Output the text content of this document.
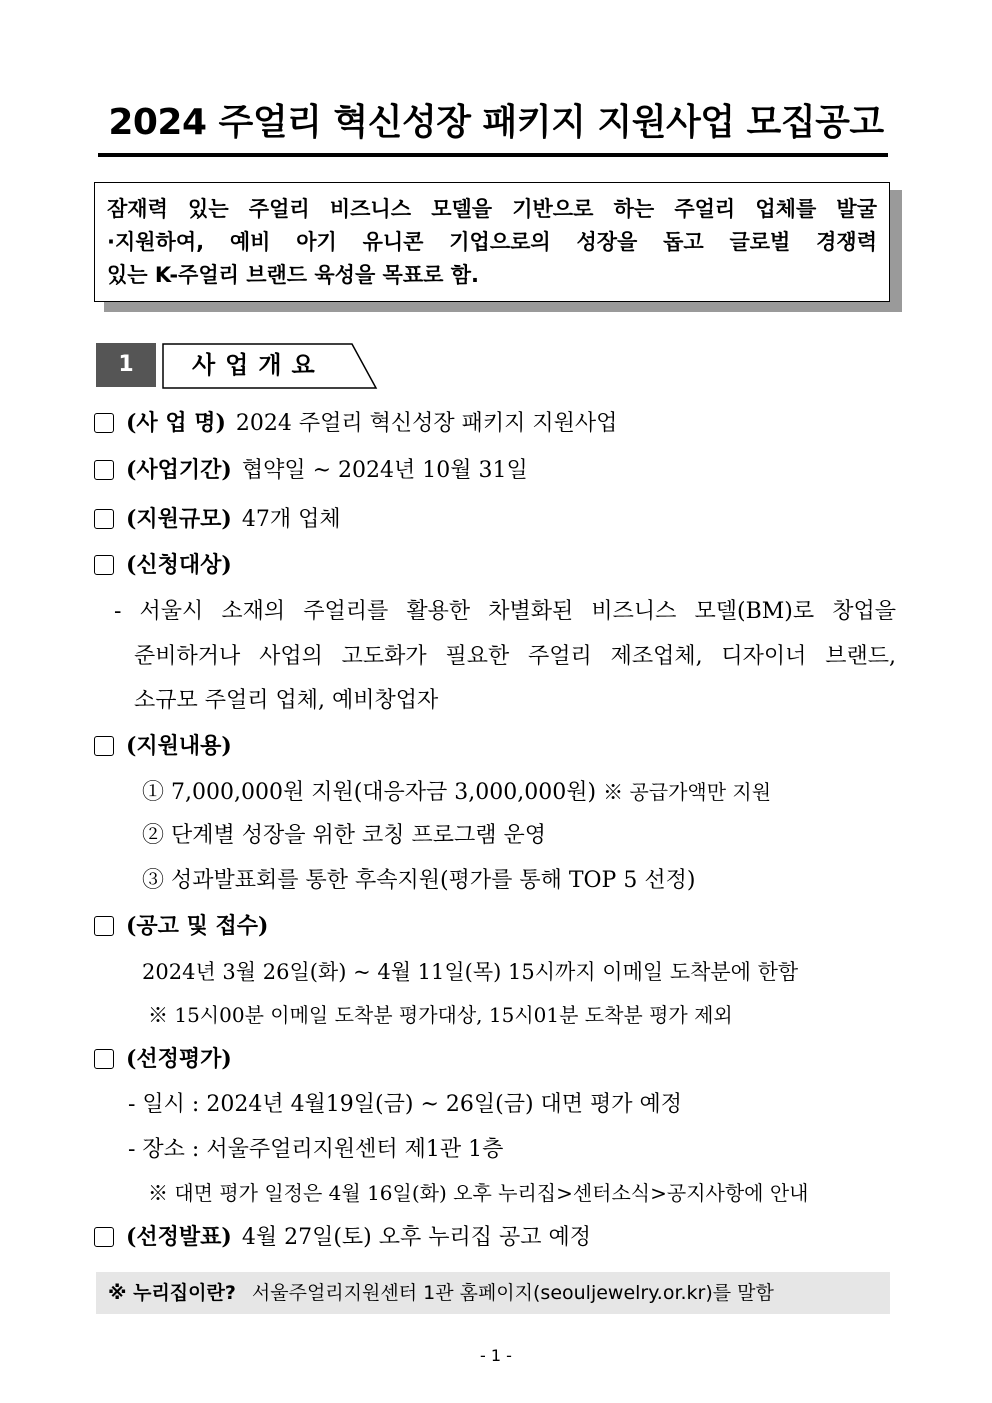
2024 주얼리 혁신성장 패키지 지원사업 모집공고
잠재력 있는 주얼리 비즈니스 모델을 기반으로 하는 주얼리 업체를 발굴
·지원하여, 예비 아기 유니콘 기업으로의 성장을 돕고 글로벌 경쟁력
있는 K-주얼리 브랜드 육성을 목표로 함.
1	사업개요
(사 업 명) 2024 주얼리 혁신성장 패키지 지원사업
(사업기간) 협약일 ~ 2024년 10월 31일
(지원규모) 47개 업체
(신청대상)
- 서울시 소재의 주얼리를 활용한 차별화된 비즈니스 모델(BM)로 창업을
준비하거나 사업의 고도화가 필요한 주얼리 제조업체, 디자이너 브랜드,
소규모 주얼리 업체, 예비창업자
(지원내용)
① 7,000,000원 지원(대응자금 3,000,000원) ※ 공급가액만 지원
② 단계별 성장을 위한 코칭 프로그램 운영
③ 성과발표회를 통한 후속지원(평가를 통해 TOP 5 선정)
(공고 및 접수)
2024년 3월 26일(화) ~ 4월 11일(목) 15시까지 이메일 도착분에 한함
※ 15시00분 이메일 도착분 평가대상, 15시01분 도착분 평가 제외
(선정평가)
- 일시 : 2024년 4월19일(금) ~ 26일(금) 대면 평가 예정
- 장소 : 서울주얼리지원센터 제1관 1층
※ 대면 평가 일정은 4월 16일(화) 오후 누리집>센터소식>공지사항에 안내
(선정발표) 4월 27일(토) 오후 누리집 공고 예정
※ 누리집이란? 서울주얼리지원센터 1관 홈페이지(seouljewelry.or.kr)를 말함
- 1 -
